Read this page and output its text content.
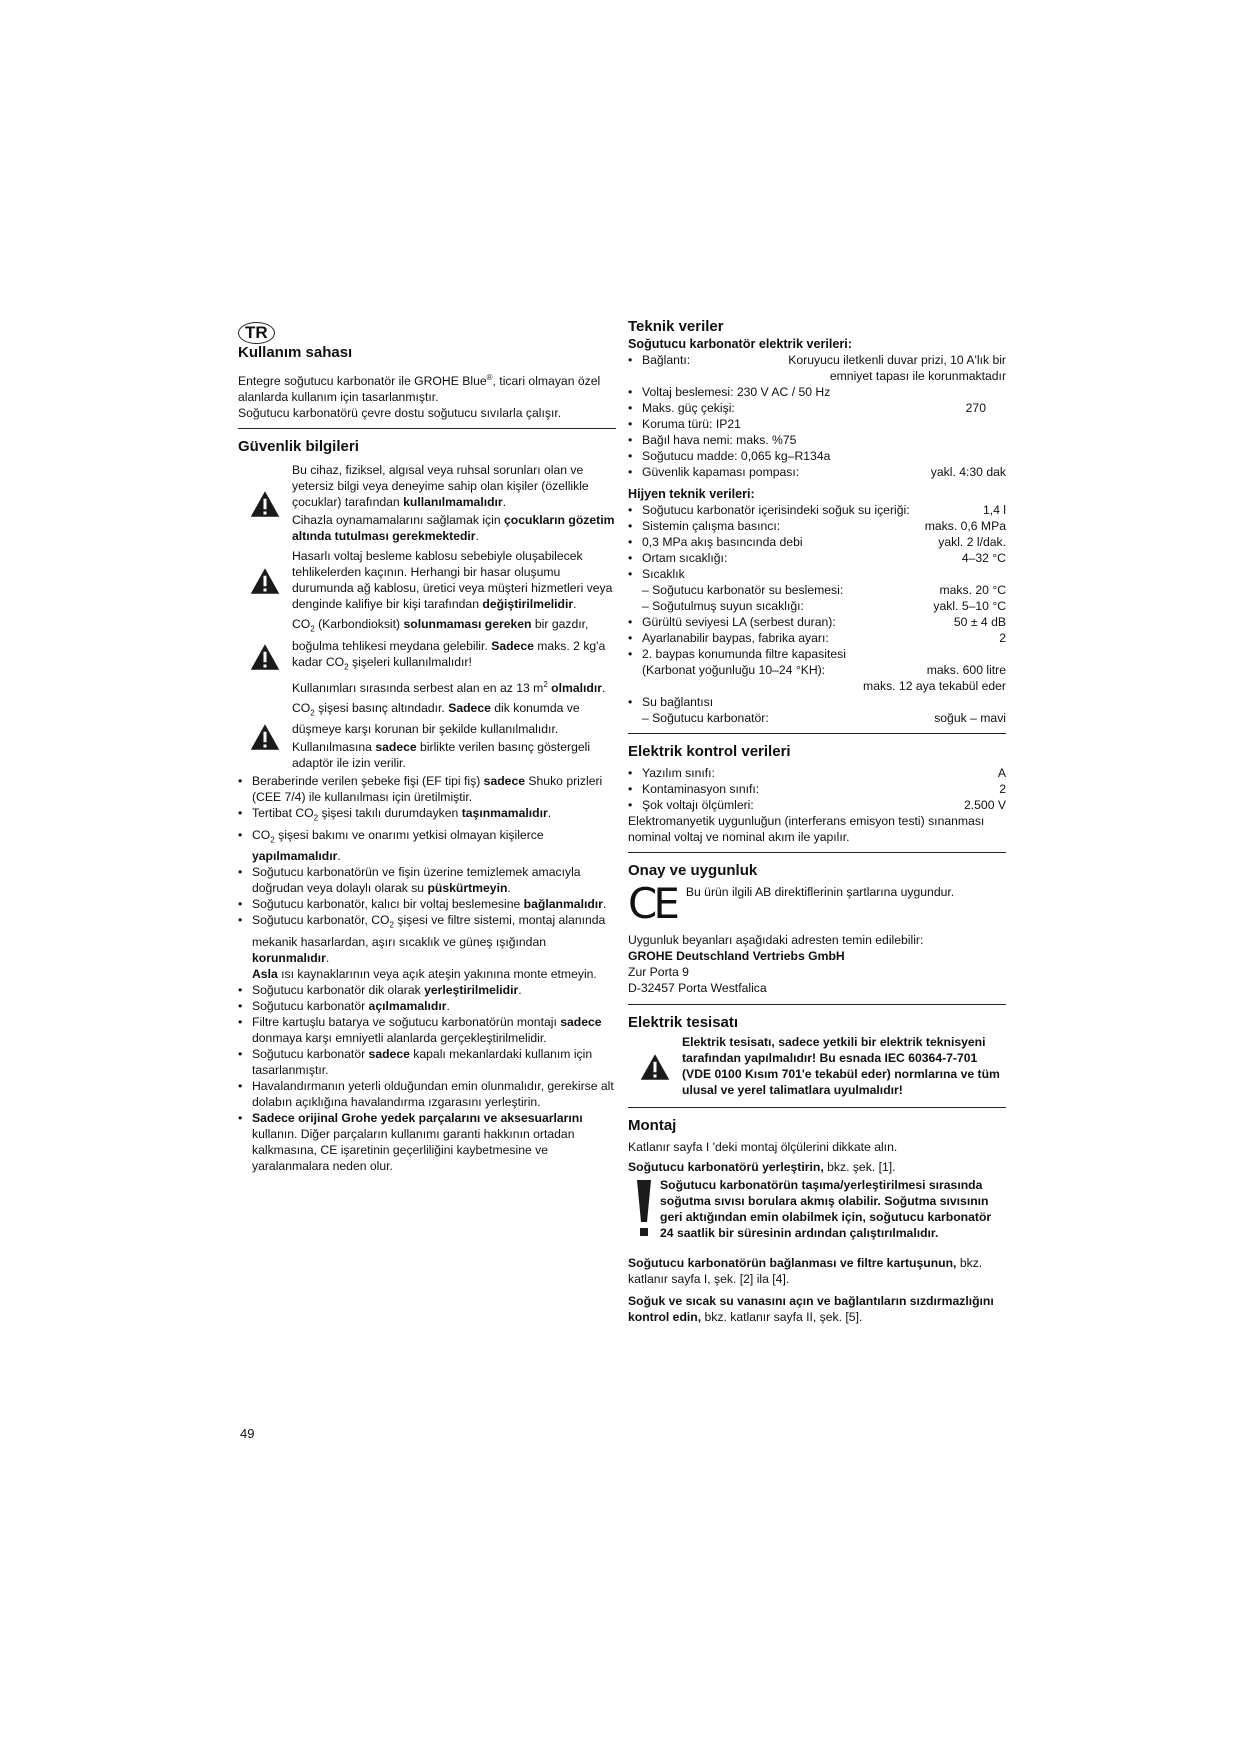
TR

Kullanım sahası

Entegre soğutucu karbonatör ile GROHE Blue®, ticari olmayan özel alanlarda kullanım için tasarlanmıştır.

Soğutucu karbonatörü çevre dostu soğutucu sıvılarla çalışır.

Güvenlik bilgileri

Bu cihaz, fiziksel, algısal veya ruhsal sorunları olan ve yetersiz bilgi veya deneyime sahip olan kişiler (özellikle çocuklar) tarafından kullanılmamalıdır.

Cihazla oynamamalarını sağlamak için çocukların gözetim altında tutulması gerekmektedir.

Hasarlı voltaj besleme kablosu sebebiyle oluşabilecek tehlikelerden kaçının. Herhangi bir hasar oluşumu durumunda ağ kablosu, üretici veya müşteri hizmetleri veya denginde kalifiye bir kişi tarafından değiştirilmelidir.

$CO_2$ (Karbondioksit) solunmaması gereken bir gazdır, boğulma tehlikesi meydana gelebilir. Sadece maks. 2 kg'a kadar $CO_2$ şişeleri kullanılmalıdır!

Kullanımları sırasında serbest alan en az 13 $m^2$ olmalıdır.

$CO_2$ şişesi basınç altındadır. Sadece dik konumda ve düşmeye karşı korunan bir şekilde kullanılmalıdır.

Kullanılmasına sadece birlikte verilen basınç göstergeli adaptör ile izin verilir.

• Beraberinde verilen şebeke fişi (EF tipi fiş) sadece Shuko prizleri (CEE 7/4) ile kullanılması için üretilmiştir.
• Tertibat $CO_2$ şişesi takılı durumdayken taşınmamalıdır.
• $CO_2$ şişesi bakımı ve onarımı yetkisi olmayan kişilerce yapılmamalıdır.
• Soğutucu karbonatörün ve fişin üzerine temizlemek amacıyla doğrudan veya dolaylı olarak su püskürtmeyin.
• Soğutucu karbonatör, kalıcı bir voltaj beslemesine bağlanmalıdır.
• Soğutucu karbonatör, $CO_2$ şişesi ve filtre sistemi, montaj alanında mekanik hasarlardan, aşırı sıcaklık ve güneş ışığından korunmalıdır.
Asla ısı kaynaklarının veya açık ateşin yakınına monte etmeyin.
• Soğutucu karbonatör dik olarak yerleştirilmelidir.
• Soğutucu karbonatör açılmamalıdır.
• Filtre kartuşlu batarya ve soğutucu karbonatörün montajı sadece donmaya karşı emniyetli alanlarda gerçekleştirilmelidir.
• Soğutucu karbonatör sadece kapalı mekanlardaki kullanım için tasarlanmıştır.
• Havalandırmanın yeterli olduğundan emin olunmalıdır, gerekirse alt dolabın açıklığına havalandırma ızgarasını yerleştirin.
• Sadece orijinal Grohe yedek parçalarını ve aksesuarlarını kullanın. Diğer parçaların kullanımı garanti hakkının ortadan kalkmasına, CE işaretinin geçerliliğini kaybetmesine ve yaralanmalara neden olur.

Teknik veriler

Soğutucu karbonatör elektrik verileri:

• Bağlantı:	Koruyucu iletkenli duvar prizi, 10 A'lık bir
emniyet tapası ile korunmaktadır
• Voltaj beslemesi: 230 V AC / 50 Hz
• Maks. güç çekişi:	270
• Koruma türü: IP21
• Bağıl hava nemi: maks. %75
• Soğutucu madde: 0,065 kg–R134a
• Güvenlik kapaması pompası:	yakl. 4:30 dak

Hijyen teknik verileri:

• Soğutucu karbonatör içerisindeki soğuk su içeriği:	1,4 l
• Sistemin çalışma basıncı:	maks. 0,6 MPa
• 0,3 MPa akış basıncında debi	yakl. 2 l/dak.
• Ortam sıcaklığı:	4–32 °C
• Sıcaklık
– Soğutucu karbonatör su beslemesi:	maks. 20 °C
– Soğutulmuş suyun sıcaklığı:	yakl. 5–10 °C
• Gürültü seviyesi LA (serbest duran):	50 ± 4 dB
• Ayarlanabilir baypas, fabrika ayarı:	2
• 2. baypas konumunda filtre kapasitesi
(Karbonat yoğunluğu 10–24 °KH):	maks. 600 litre
maks. 12 aya tekabül eder
• Su bağlantısı
– Soğutucu karbonatör:	soğuk – mavi

Elektrik kontrol verileri

• Yazılım sınıfı:	A
• Kontaminasyon sınıfı:	2
• Şok voltajı ölçümleri:	2.500 V

Elektromanyetik uygunluğun (interferans emisyon testi) sınanması nominal voltaj ve nominal akım ile yapılır.

Onay ve uygunluk

CE Bu ürün ilgili AB direktiflerinin şartlarına uygundur.

Uygunluk beyanları aşağıdaki adresten temin edilebilir:

GROHE Deutschland Vertriebs GmbH

Zur Porta 9

D-32457 Porta Westfalica

Elektrik tesisatı

Elektrik tesisatı, sadece yetkili bir elektrik teknisyeni tarafından yapılmalıdır! Bu esnada IEC 60364-7-701 (VDE 0100 Kısım 701'e tekabül eder) normlarına ve tüm ulusal ve yerel talimatlara uyulmalıdır!

Montaj

Katlanır sayfa I 'deki montaj ölçülerini dikkate alın.

Soğutucu karbonatörü yerleştirin, bkz. şek. [1].

Soğutucu karbonatörün taşıma/yerleştirilmesi sırasında soğutma sıvısı borulara akmış olabilir. Soğutma sıvısının geri aktığından emin olabilmek için, soğutucu karbonatör 24 saatlik bir süresinin ardından çalıştırılmalıdır.

Soğutucu karbonatörün bağlanması ve filtre kartuşunun, bkz. katlanır sayfa I, şek. [2] ila [4].

Soğuk ve sıcak su vanasını açın ve bağlantıların sızdırmazlığını kontrol edin, bkz. katlanır sayfa II, şek. [5].

49
